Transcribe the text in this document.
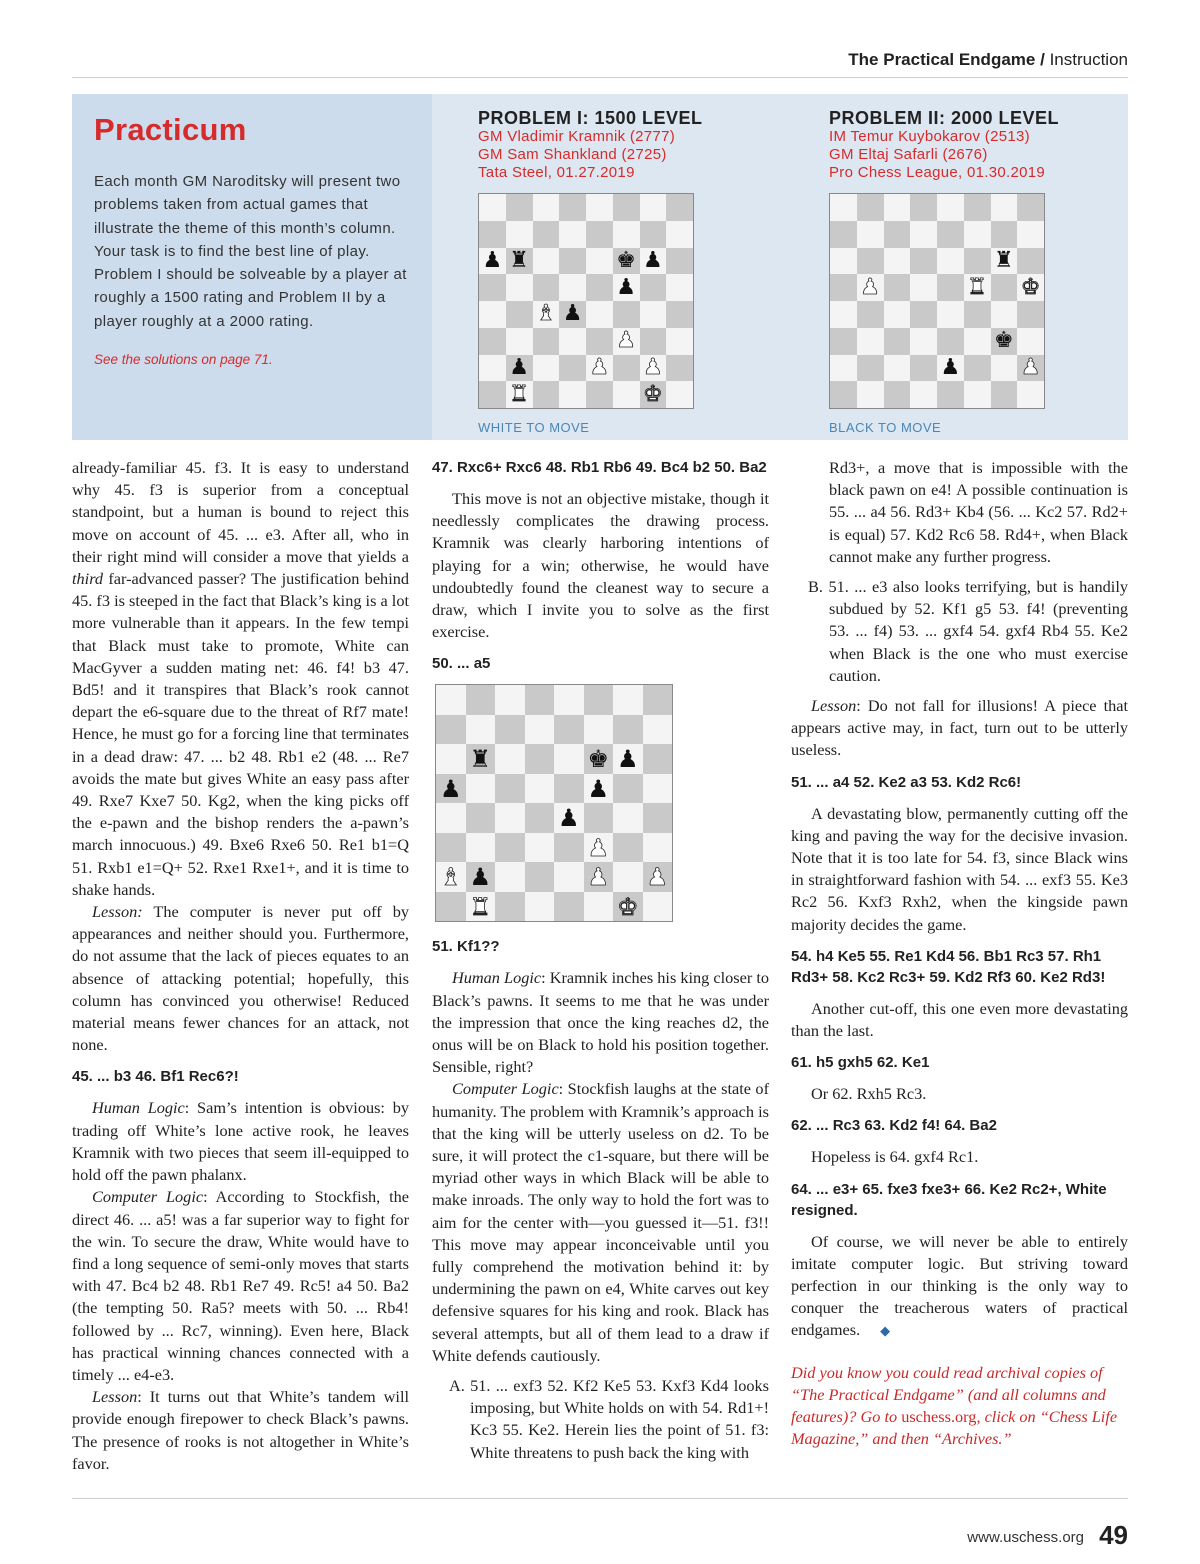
The Practical Endgame / Instruction
Practicum

Each month GM Naroditsky will present two problems taken from actual games that illustrate the theme of this month’s column. Your task is to find the best line of play. Problem I should be solveable by a player at roughly a 1500 rating and Problem II by a player roughly at a 2000 rating.

See the solutions on page 71.
PROBLEM I: 1500 LEVEL
GM Vladimir Kramnik (2777)
GM Sam Shankland (2725)
Tata Steel, 01.27.2019
♟ ♜	♚ ♟
♟
♝ ♟
♟
♟	♟ ♟
♜	♚
WHITE TO MOVE
PROBLEM II: 2000 LEVEL
IM Temur Kuybokarov (2513)
GM Eltaj Safarli (2676)
Pro Chess League, 01.30.2019
♜
♟	♜ ♚
♚
♟	♟
BLACK TO MOVE

already-familiar 45. f3. It is easy to understand why 45. f3 is superior from a conceptual standpoint, but a human is bound to reject this move on account of 45. ... e3. After all, who in their right mind will consider a move that yields a third far-advanced passer? The justification behind 45. f3 is steeped in the fact that Black’s king is a lot more vulnerable than it appears. In the few tempi that Black must take to promote, White can MacGyver a sudden mating net: 46. f4! b3 47. Bd5! and it transpires that Black’s rook cannot depart the e6-square due to the threat of Rf7 mate! Hence, he must go for a forcing line that terminates in a dead draw: 47. ... b2 48. Rb1 e2 (48. ... Re7 avoids the mate but gives White an easy pass after 49. Rxe7 Kxe7 50. Kg2, when the king picks off the e-pawn and the bishop renders the a-pawn’s march innocuous.) 49. Bxe6 Rxe6 50. Re1 b1=Q 51. Rxb1 e1=Q+ 52. Rxe1 Rxe1+, and it is time to shake hands.

Lesson: The computer is never put off by appearances and neither should you. Furthermore, do not assume that the lack of pieces equates to an absence of attacking potential; hopefully, this column has convinced you otherwise! Reduced material means fewer chances for an attack, not none.

45. ... b3 46. Bf1 Rec6?!

Human Logic: Sam’s intention is obvious: by trading off White’s lone active rook, he leaves Kramnik with two pieces that seem ill-equipped to hold off the pawn phalanx.

Computer Logic: According to Stockfish, the direct 46. ... a5! was a far superior way to fight for the win. To secure the draw, White would have to find a long sequence of semi-only moves that starts with 47. Bc4 b2 48. Rb1 Re7 49. Rc5! a4 50. Ba2 (the tempting 50. Ra5? meets with 50. ... Rb4! followed by ... Rc7, winning). Even here, Black has practical winning chances connected with a timely ... e4-e3.

Lesson: It turns out that White’s tandem will provide enough firepower to check Black’s pawns. The presence of rooks is not altogether in White’s favor.

47. Rxc6+ Rxc6 48. Rb1 Rb6 49. Bc4 b2 50. Ba2

This move is not an objective mistake, though it needlessly complicates the drawing process. Kramnik was clearly harboring intentions of playing for a win; otherwise, he would have undoubtedly found the cleanest way to secure a draw, which I invite you to solve as the first exercise.

50. ... a5

♜	♚ ♟
♟	♟
♟
♟
♝ ♟	♟ ♟
♜	♚

51. Kf1??

Human Logic: Kramnik inches his king closer to Black’s pawns. It seems to me that he was under the impression that once the king reaches d2, the onus will be on Black to hold his position together. Sensible, right?

Computer Logic: Stockfish laughs at the state of humanity. The problem with Kramnik’s approach is that the king will be utterly useless on d2. To be sure, it will protect the c1-square, but there will be myriad other ways in which Black will be able to make inroads. The only way to hold the fort was to aim for the center with—you guessed it—51. f3!! This move may appear inconceivable until you fully comprehend the motivation behind it: by undermining the pawn on e4, White carves out key defensive squares for his king and rook. Black has several attempts, but all of them lead to a draw if White defends cautiously.

A. 51. ... exf3 52. Kf2 Ke5 53. Kxf3 Kd4 looks imposing, but White holds on with 54. Rd1+! Kc3 55. Ke2. Herein lies the point of 51. f3: White threatens to push back the king with

Rd3+, a move that is impossible with the black pawn on e4! A possible continuation is 55. ... a4 56. Rd3+ Kb4 (56. ... Kc2 57. Rd2+ is equal) 57. Kd2 Rc6 58. Rd4+, when Black cannot make any further progress.

B. 51. ... e3 also looks terrifying, but is handily subdued by 52. Kf1 g5 53. f4! (preventing 53. ... f4) 53. ... gxf4 54. gxf4 Rb4 55. Ke2 when Black is the one who must exercise caution.

Lesson: Do not fall for illusions! A piece that appears active may, in fact, turn out to be utterly useless.

51. ... a4 52. Ke2 a3 53. Kd2 Rc6!

A devastating blow, permanently cutting off the king and paving the way for the decisive invasion. Note that it is too late for 54. f3, since Black wins in straightforward fashion with 54. ... exf3 55. Ke3 Rc2 56. Kxf3 Rxh2, when the kingside pawn majority decides the game.

54. h4 Ke5 55. Re1 Kd4 56. Bb1 Rc3 57. Rh1 Rd3+ 58. Kc2 Rc3+ 59. Kd2 Rf3 60. Ke2 Rd3!

Another cut-off, this one even more devastating than the last.

61. h5 gxh5 62. Ke1

Or 62. Rxh5 Rc3.

62. ... Rc3 63. Kd2 f4! 64. Ba2

Hopeless is 64. gxf4 Rc1.

64. ... e3+ 65. fxe3 fxe3+ 66. Ke2 Rc2+, White resigned.

Of course, we will never be able to entirely imitate computer logic. But striving toward perfection in our thinking is the only way to conquer the treacherous waters of practical endgames. ◆

Did you know you could read archival copies of “The Practical Endgame” (and all columns and features)? Go to uschess.org, click on “Chess Life Magazine,” and then “Archives.”

www.uschess.org 49
